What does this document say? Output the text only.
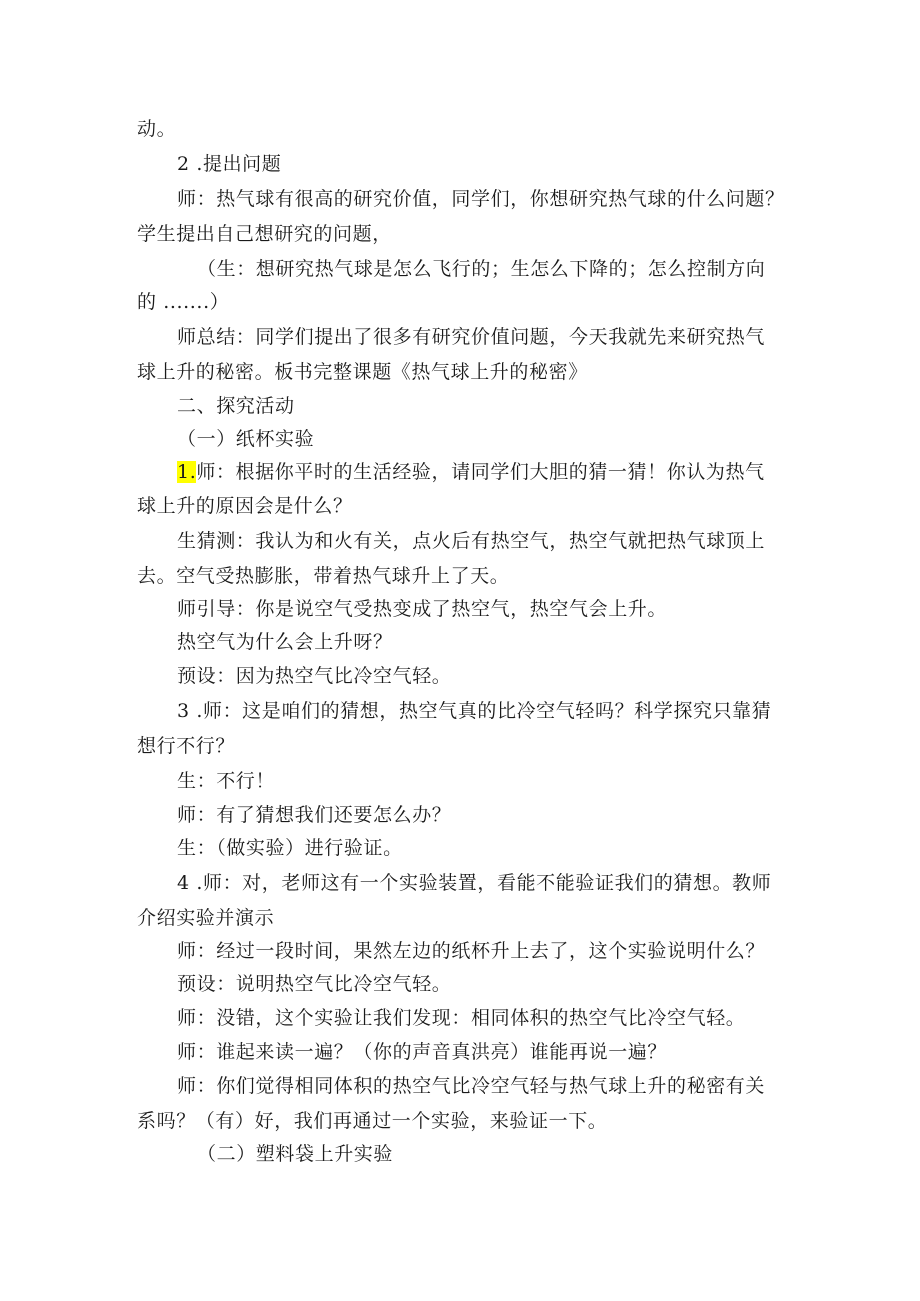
动。
2 .提出问题
师：热气球有很高的研究价值，同学们，你想研究热气球的什么问题？
学生提出自己想研究的问题，
（生：想研究热气球是怎么飞行的；生怎么下降的；怎么控制方向
的 .......）
师总结：同学们提出了很多有研究价值问题，今天我就先来研究热气
球上升的秘密。板书完整课题《热气球上升的秘密》
二、探究活动
（一）纸杯实验
1.师：根据你平时的生活经验，请同学们大胆的猜一猜！你认为热气
球上升的原因会是什么？
生猜测：我认为和火有关，点火后有热空气，热空气就把热气球顶上
去。空气受热膨胀，带着热气球升上了天。
师引导：你是说空气受热变成了热空气，热空气会上升。
热空气为什么会上升呀？
预设：因为热空气比冷空气轻。
3 .师：这是咱们的猜想，热空气真的比冷空气轻吗？科学探究只靠猜
想行不行？
生：不行！
师：有了猜想我们还要怎么办？
生：（做实验）进行验证。
4 .师：对，老师这有一个实验装置，看能不能验证我们的猜想。教师
介绍实验并演示
师：经过一段时间，果然左边的纸杯升上去了，这个实验说明什么？
预设：说明热空气比冷空气轻。
师：没错，这个实验让我们发现：相同体积的热空气比冷空气轻。
师：谁起来读一遍？（你的声音真洪亮）谁能再说一遍？
师：你们觉得相同体积的热空气比冷空气轻与热气球上升的秘密有关
系吗？（有）好，我们再通过一个实验，来验证一下。
（二）塑料袋上升实验
